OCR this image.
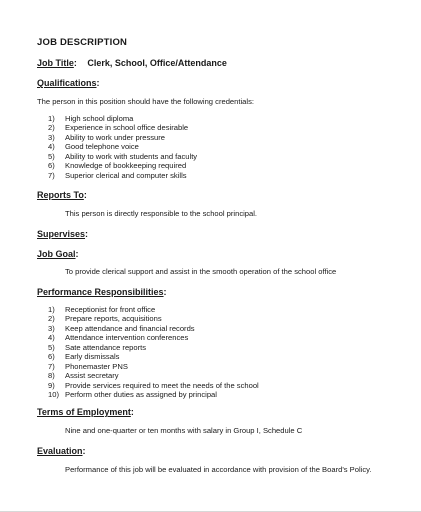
JOB DESCRIPTION
Job Title: Clerk, School, Office/Attendance
Qualifications:
The person in this position should have the following credentials:
1) High school diploma
2) Experience in school office desirable
3) Ability to work under pressure
4) Good telephone voice
5) Ability to work with students and faculty
6) Knowledge of bookkeeping required
7) Superior clerical and computer skills
Reports To:
This person is directly responsible to the school principal.
Supervises:
Job Goal:
To provide clerical support and assist in the smooth operation of the school office
Performance Responsibilities:
1) Receptionist for front office
2) Prepare reports, acquisitions
3) Keep attendance and financial records
4) Attendance intervention conferences
5) Sate attendance reports
6) Early dismissals
7) Phonemaster PNS
8) Assist secretary
9) Provide services required to meet the needs of the school
10) Perform other duties as assigned by principal
Terms of Employment:
Nine and one-quarter or ten months with salary in Group I, Schedule C
Evaluation:
Performance of this job will be evaluated in accordance with provision of the Board's Policy.
